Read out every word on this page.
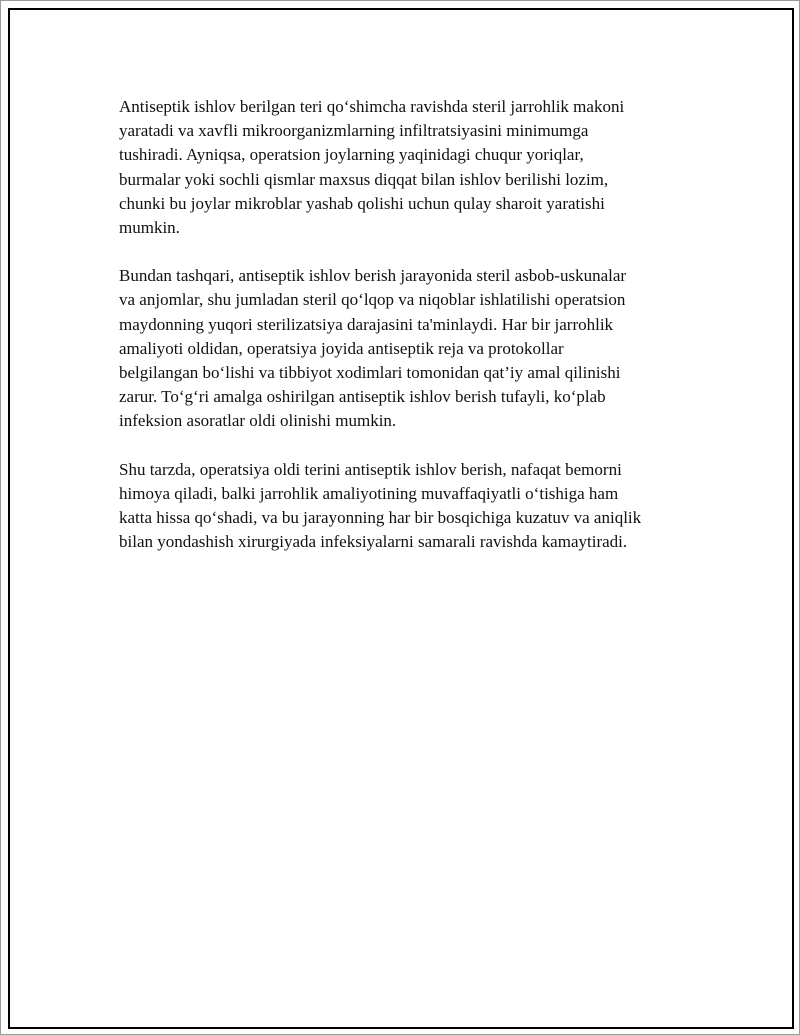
Antiseptik ishlov berilgan teri qo‘shimcha ravishda steril jarrohlik makoni
yaratadi va xavfli mikroorganizmlarning infiltratsiyasini minimumga
tushiradi. Ayniqsa, operatsion joylarning yaqinidagi chuqur yoriqlar,
burmalar yoki sochli qismlar maxsus diqqat bilan ishlov berilishi lozim,
chunki bu joylar mikroblar yashab qolishi uchun qulay sharoit yaratishi
mumkin.

Bundan tashqari, antiseptik ishlov berish jarayonida steril asbob-uskunalar
va anjomlar, shu jumladan steril qo‘lqop va niqoblar ishlatilishi operatsion
maydonning yuqori sterilizatsiya darajasini ta'minlaydi. Har bir jarrohlik
amaliyoti oldidan, operatsiya joyida antiseptik reja va protokollar
belgilangan bo‘lishi va tibbiyot xodimlari tomonidan qat’iy amal qilinishi
zarur. To‘g‘ri amalga oshirilgan antiseptik ishlov berish tufayli, ko‘plab
infeksion asoratlar oldi olinishi mumkin.

Shu tarzda, operatsiya oldi terini antiseptik ishlov berish, nafaqat bemorni
himoya qiladi, balki jarrohlik amaliyotining muvaffaqiyatli o‘tishiga ham
katta hissa qo‘shadi, va bu jarayonning har bir bosqichiga kuzatuv va aniqlik
bilan yondashish xirurgiyada infeksiyalarni samarali ravishda kamaytiradi.
